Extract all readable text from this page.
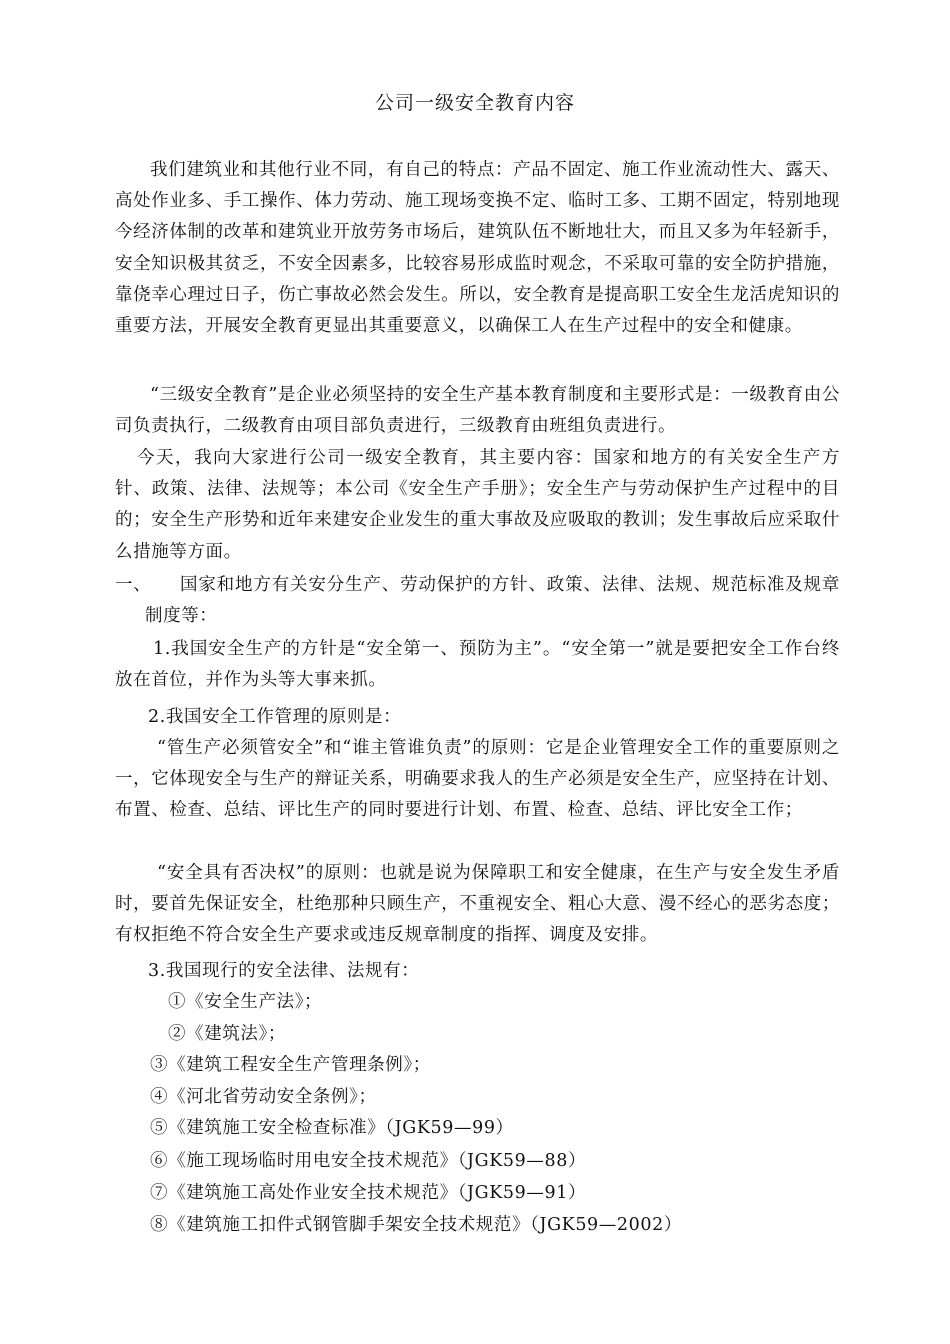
公司一级安全教育内容

我们建筑业和其他行业不同，有自己的特点：产品不固定、施工作业流动性大、露天、高处作业多、手工操作、体力劳动、施工现场变换不定、临时工多、工期不固定，特别地现今经济体制的改革和建筑业开放劳务市场后，建筑队伍不断地壮大，而且又多为年轻新手，安全知识极其贫乏，不安全因素多，比较容易形成监时观念，不采取可靠的安全防护措施，靠侥幸心理过日子，伤亡事故必然会发生。所以，安全教育是提高职工安全生龙活虎知识的重要方法，开展安全教育更显出其重要意义，以确保工人在生产过程中的安全和健康。

“三级安全教育”是企业必须坚持的安全生产基本教育制度和主要形式是：一级教育由公司负责执行，二级教育由项目部负责进行，三级教育由班组负责进行。

今天，我向大家进行公司一级安全教育，其主要内容：国家和地方的有关安全生产方针、政策、法律、法规等；本公司《安全生产手册》；安全生产与劳动保护生产过程中的目的；安全生产形势和近年来建安企业发生的重大事故及应吸取的教训；发生事故后应采取什么措施等方面。

一、	国家和地方有关安分生产、劳动保护的方针、政策、法律、法规、规范标准及规章制度等：

1.我国安全生产的方针是“安全第一、预防为主”。“安全第一”就是要把安全工作台终放在首位，并作为头等大事来抓。

2.我国安全工作管理的原则是：

“管生产必须管安全”和“谁主管谁负责”的原则：它是企业管理安全工作的重要原则之一，它体现安全与生产的辩证关系，明确要求我人的生产必须是安全生产，应坚持在计划、布置、检查、总结、评比生产的同时要进行计划、布置、检查、总结、评比安全工作；

“安全具有否决权”的原则：也就是说为保障职工和安全健康，在生产与安全发生矛盾时，要首先保证安全，杜绝那种只顾生产，不重视安全、粗心大意、漫不经心的恶劣态度；有权拒绝不符合安全生产要求或违反规章制度的指挥、调度及安排。

3.我国现行的安全法律、法规有：
①《安全生产法》；
②《建筑法》；
③《建筑工程安全生产管理条例》；
④《河北省劳动安全条例》；
⑤《建筑施工安全检查标准》（JGK59—99）
⑥《施工现场临时用电安全技术规范》（JGK59—88）
⑦《建筑施工高处作业安全技术规范》（JGK59—91）
⑧《建筑施工扣件式钢管脚手架安全技术规范》（JGK59—2002）
